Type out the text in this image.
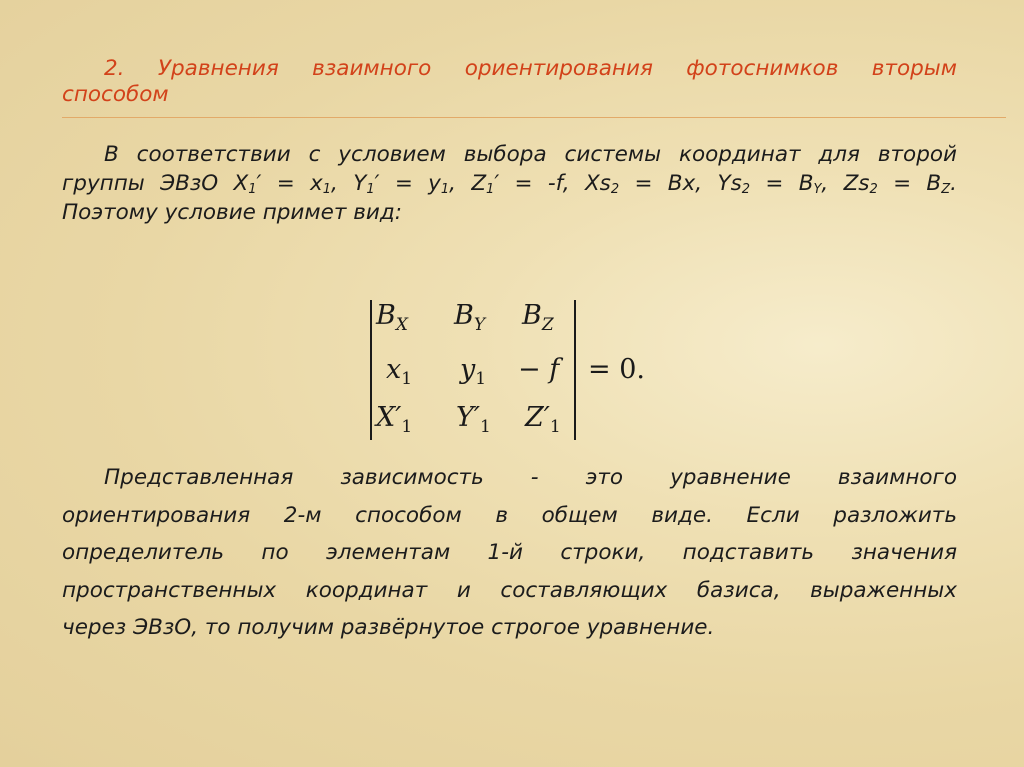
2. Уравнения взаимного ориентирования фотоснимков вторым
способом
В соответствии с условием выбора системы координат для второй
группы ЭВзО $X_1' = x_1$, $Y_1' = y_1$, $Z_1' = -f$, $Xs_2 = Bx$, $Ys_2 = B_Y$, $Zs_2 = B_Z$.
Поэтому условие примет вид:
$B_X$ $B_Y$ $B_Z$
$x_1$ $y_1 - f$
$X'_1$ $Y'_1$ $Z'_1$
= 0.
Представленная зависимость - это уравнение взаимного
ориентирования 2-м способом в общем виде. Если разложить
определитель по элементам 1-й строки, подставить значения
пространственных координат и составляющих базиса, выраженных
через ЭВзО, то получим развёрнутое строгое уравнение.
